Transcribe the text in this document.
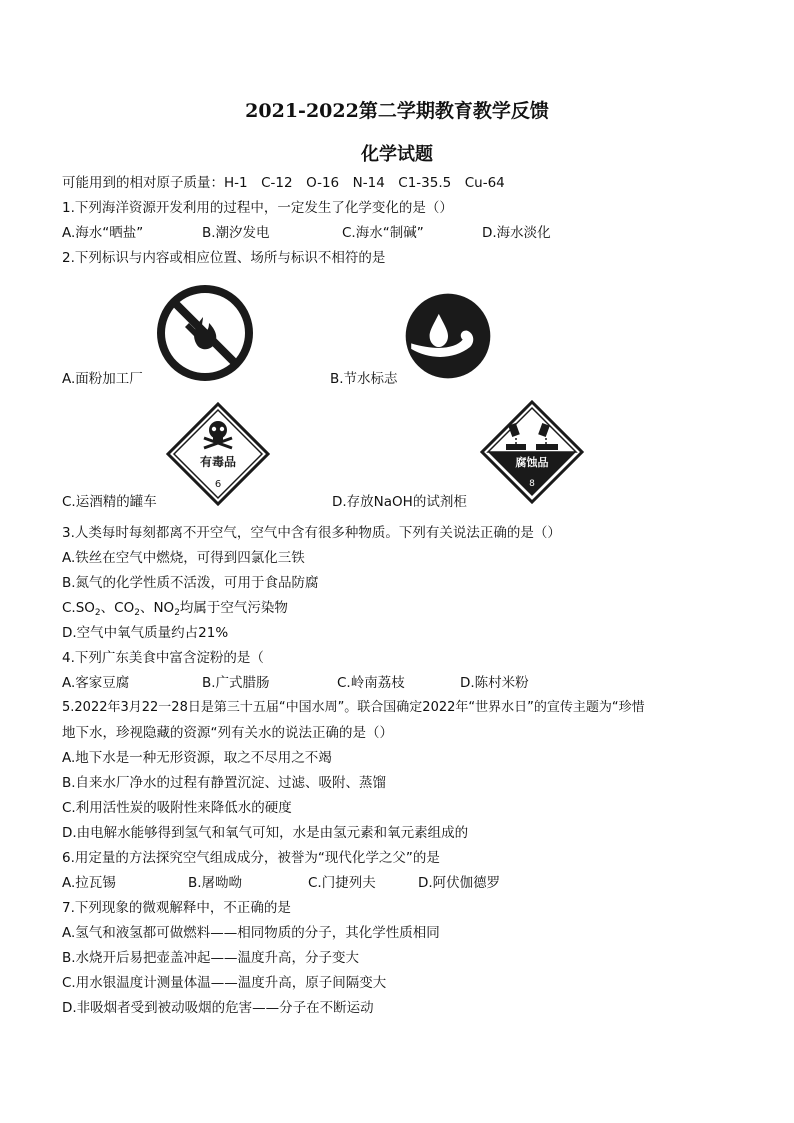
2021-2022第二学期教育教学反馈
化学试题
可能用到的相对原子质量：H-1　C-12　O-16　N-14　C1-35.5　Cu-64
1.下列海洋资源开发利用的过程中，一定发生了化学变化的是（）
A.海水“晒盐”	B.潮汐发电	C.海水“制碱”	D.海水淡化
2.下列标识与内容或相应位置、场所与标识不相符的是
A.面粉加工厂	B.节水标志
有毒品
6
C.运酒精的罐车
腐蚀品
8
D.存放NaOH的试剂柜
3.人类每时每刻都离不开空气，空气中含有很多种物质。下列有关说法正确的是（）
A.铁丝在空气中燃烧，可得到四氯化三铁
B.氮气的化学性质不活泼，可用于食品防腐
$C.SO_2$、$CO_2$、$NO_2$均属于空气污染物
D.空气中氧气质量约占21%
4.下列广东美食中富含淀粉的是（
A.客家豆腐	B.广式腊肠	C.岭南荔枝	D.陈村米粉
5.2022年3月22一28日是第三十五届“中国水周”。联合国确定2022年“世界水日”的宣传主题为“珍惜
地下水，珍视隐藏的资源“列有关水的说法正确的是（）
A.地下水是一种无形资源，取之不尽用之不竭
B.自来水厂净水的过程有静置沉淀、过滤、吸附、蒸馏
C.利用活性炭的吸附性来降低水的硬度
D.由电解水能够得到氢气和氧气可知，水是由氢元素和氧元素组成的
6.用定量的方法探究空气组成成分，被誉为“现代化学之父”的是
A.拉瓦锡	B.屠呦呦	C.门捷列夫	D.阿伏伽德罗
7.下列现象的微观解释中，不正确的是
A.氢气和液氢都可做燃料——相同物质的分子，其化学性质相同
B.水烧开后易把壶盖冲起——温度升高，分子变大
C.用水银温度计测量体温——温度升高，原子间隔变大
D.非吸烟者受到被动吸烟的危害——分子在不断运动
